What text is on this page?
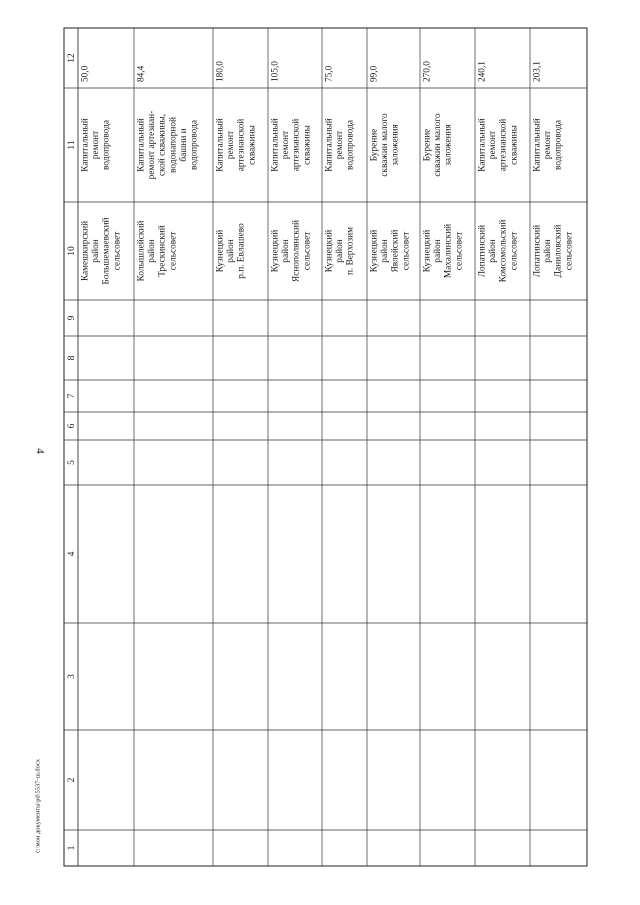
4
c:\мои документы\pd\5537-ш.docx	1
2
3
4
5
6
7
8
9
10
11
12
50,0
Капитальный ремонт водопровода
Камешкирский район Большемаевский сельсовет
84,4
Капитальный ремонт артезиан- ской скважины, водонапорной башни и водопровода
Колышлейский район Трескинский сельсовет
180,0
Капитальный ремонт артезианской скважины
Кузнецкий район р.п. Евлашево
105,0
Капитальный ремонт артезианской скважины
Кузнецкий район Яснополянский сельсовет
75,0
Капитальный ремонт водопровода
Кузнецкий район п. Верхозим
99,0
Бурение скважин малого заложения
Кузнецкий район Явлейский сельсовет
270,0
Бурение скважин малого заложения
Кузнецкий район Махалинский сельсовет
240,1
Капитальный ремонт артезианской скважины
Лопатинский район Комсомольский сельсовет
203,1
Капитальный ремонт водопровода
Лопатинский район Даниловский сельсовет
